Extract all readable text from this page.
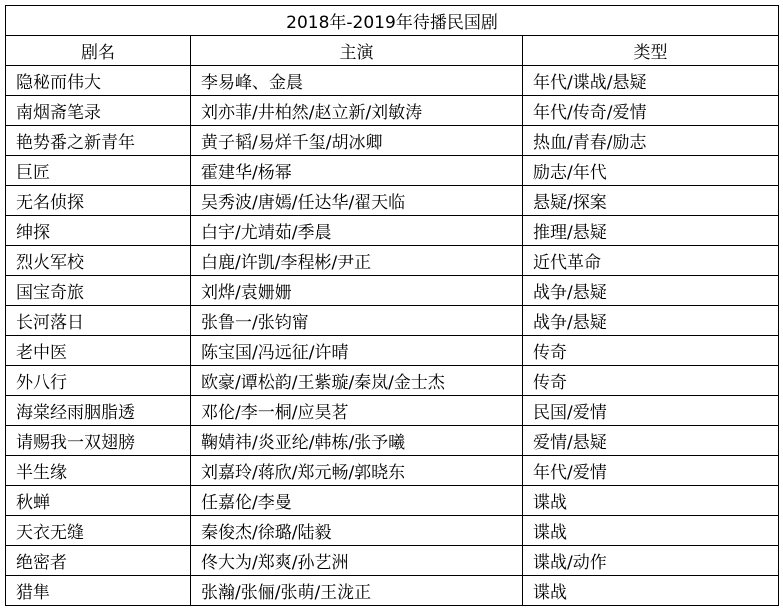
2018年-2019年待播民国剧		
剧名	主演	类型
隐秘而伟大	李易峰、金晨	年代/谍战/悬疑
南烟斋笔录	刘亦菲/井柏然/赵立新/刘敏涛	年代/传奇/爱情
艳势番之新青年	黄子韬/易烊千玺/胡冰卿	热血/青春/励志
巨匠	霍建华/杨幂	励志/年代
无名侦探	吴秀波/唐嫣/任达华/翟天临	悬疑/探案
绅探	白宇/尤靖茹/季晨	推理/悬疑
烈火军校	白鹿/许凯/李程彬/尹正	近代革命
国宝奇旅	刘烨/袁姗姗	战争/悬疑
长河落日	张鲁一/张钧甯	战争/悬疑
老中医	陈宝国/冯远征/许晴	传奇
外八行	欧豪/谭松韵/王紫璇/秦岚/金士杰	传奇
海棠经雨胭脂透	邓伦/李一桐/应昊茗	民国/爱情
请赐我一双翅膀	鞠婧祎/炎亚纶/韩栋/张予曦	爱情/悬疑
半生缘	刘嘉玲/蒋欣/郑元畅/郭晓东	年代/爱情
秋蝉	任嘉伦/李曼	谍战
天衣无缝	秦俊杰/徐璐/陆毅	谍战
绝密者	佟大为/郑爽/孙艺洲	谍战/动作
猎隼	张瀚/张俪/张萌/王泷正	谍战
